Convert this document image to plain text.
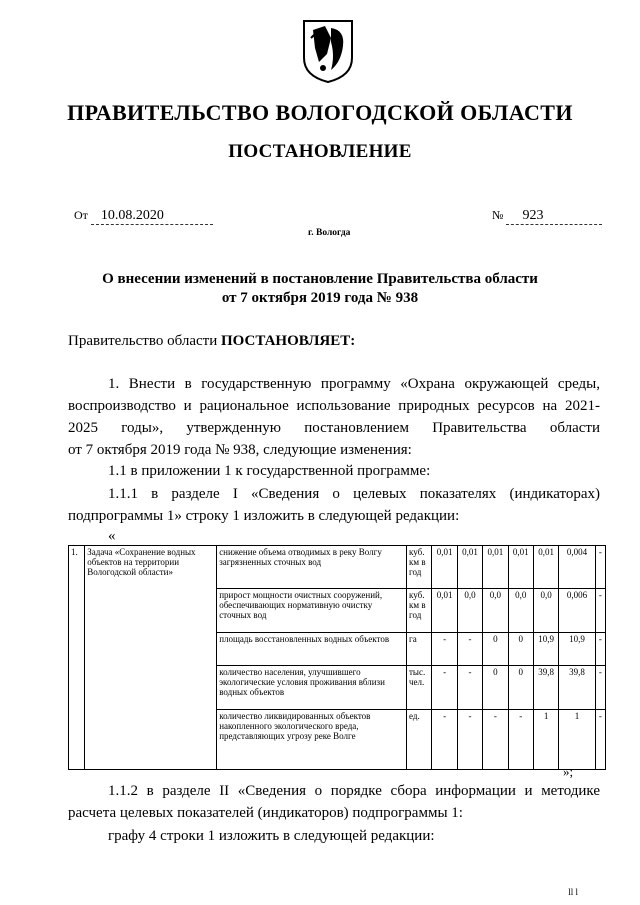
ПРАВИТЕЛЬСТВО ВОЛОГОДСКОЙ ОБЛАСТИ
ПОСТАНОВЛЕНИЕ
От 10.08.2020	№ 923
г. Вологда
О внесении изменений в постановление Правительства области
от 7 октября 2019 года № 938
Правительство области ПОСТАНОВЛЯЕТ:
1. Внести в государственную программу «Охрана окружающей среды,
воспроизводство и рациональное использование природных ресурсов на 2021-
2025 годы», утвержденную постановлением Правительства области
от 7 октября 2019 года № 938, следующие изменения:
1.1 в приложении 1 к государственной программе:
1.1.1 в разделе I «Сведения о целевых показателях (индикаторах)
подпрограммы 1» строку 1 изложить в следующей редакции:
«
1.	Задача «Сохранение водных объектов на территории Вологодской области»	снижение объема отводимых в реку Волгу загрязненных сточных вод	куб. км в год	0,01	0,01	0,01	0,01	0,01	0,004	-
		прирост мощности очистных сооружений, обеспечивающих нормативную очистку сточных вод	куб. км в год	0,01	0,0	0,0	0,0	0,0	0,006	-
		площадь восстановленных водных объектов	га	-	-	0	0	10,9	10,9	-
		количество населения, улучшившего экологические условия проживания вблизи водных объектов	тыс. чел.	-	-	0	0	39,8	39,8	-
		количество ликвидированных объектов накопленного экологического вреда, представляющих угрозу реке Волге	ед.	-	-	-	-	1	1	-
»;
1.1.2 в разделе II «Сведения о порядке сбора информации и методике
расчета целевых показателей (индикаторов) подпрограммы 1:
графу 4 строки 1 изложить в следующей редакции:
ll l
